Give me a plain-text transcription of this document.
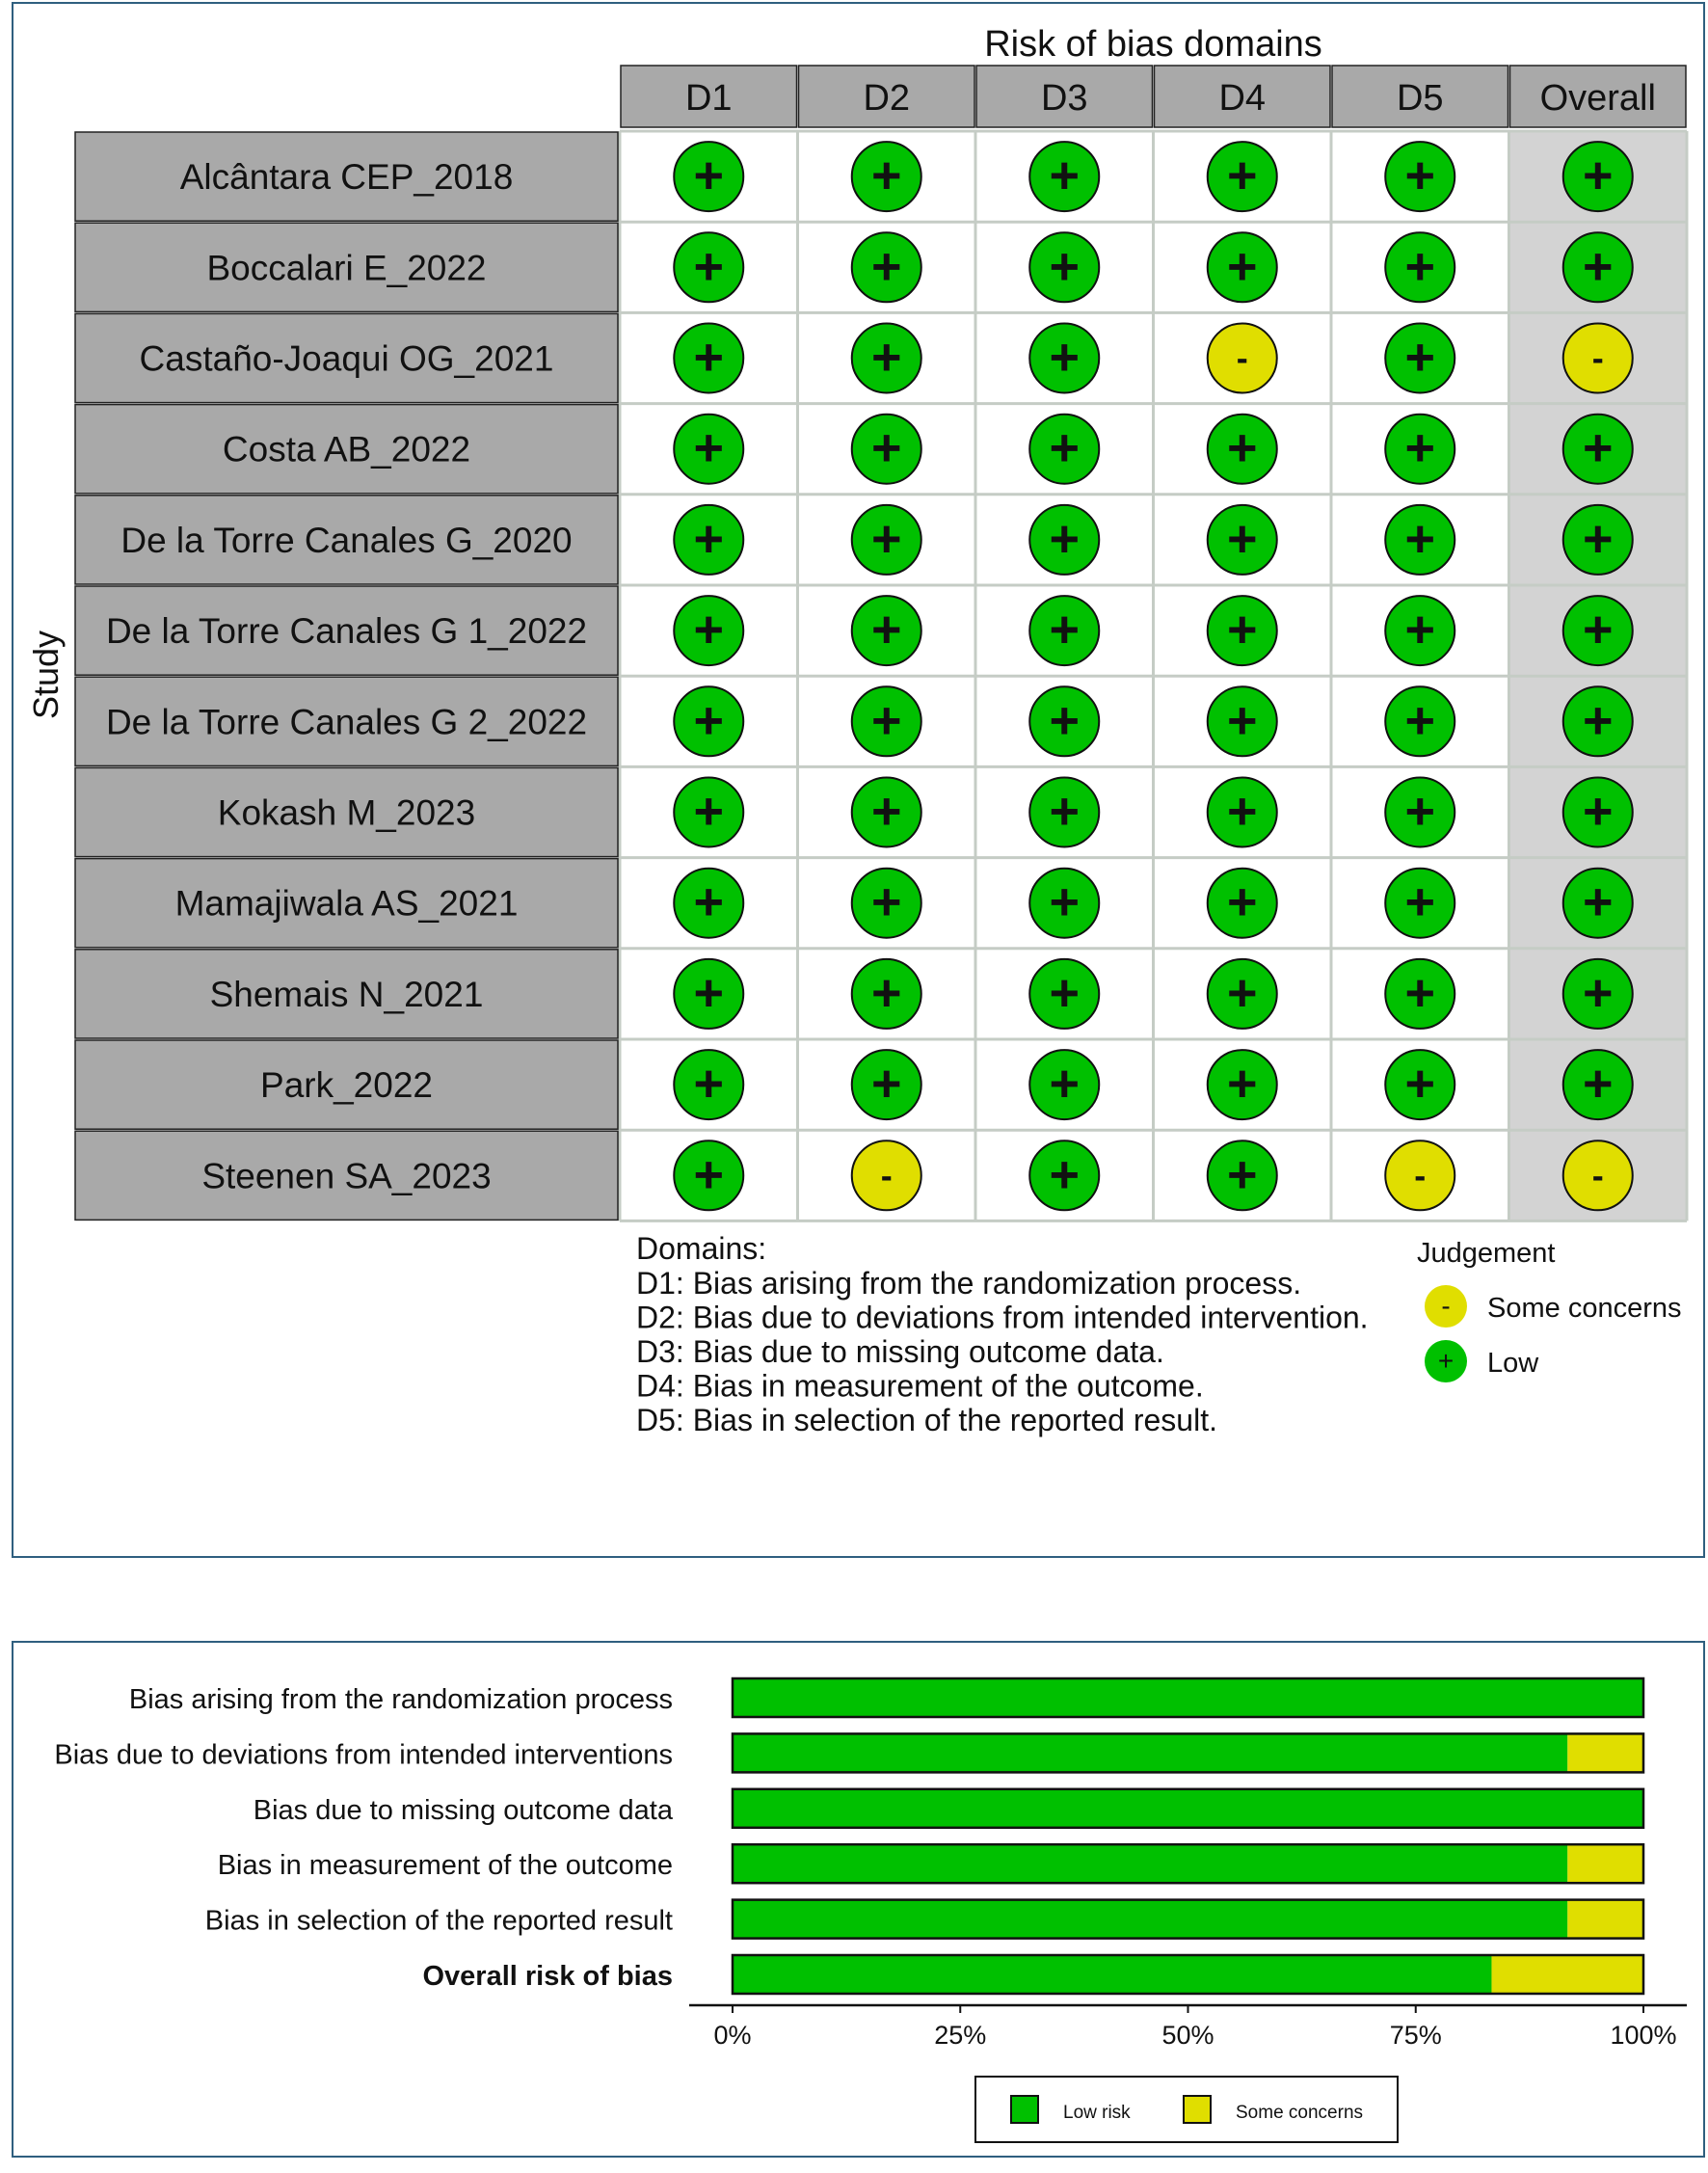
Risk of bias domains
D1	D2	D3	D4	D5	Overall
Study
Alcântara CEP_2018	+	+	+	+	+	+
Boccalari E_2022	+	+	+	+	+	+
Castaño-Joaqui OG_2021	+	+	+	-	+	-
Costa AB_2022	+	+	+	+	+	+
De la Torre Canales G_2020 +	+	+	+	+	+
De la Torre Canales G 1_2022 +	+	+	+	+	+
De la Torre Canales G 2_2022 +	+	+	+	+	+
Kokash M_2023	+	+	+	+	+	+
Mamajiwala AS_2021	+	+	+	+	+	+
Shemais N_2021	+	+	+	+	+	+
Park_2022	+	+	+	+	+	+
Steenen SA_2023	+	-	+	+	-	-
Domains:
D1: Bias arising from the randomization process.
D2: Bias due to deviations from intended intervention.
D3: Bias due to missing outcome data.
D4: Bias in measurement of the outcome.
D5: Bias in selection of the reported result.
Judgement
- Some concerns
+ Low
Bias arising from the randomization process
Bias due to deviations from intended interventions
Bias due to missing outcome data
Bias in measurement of the outcome
Bias in selection of the reported result
Overall risk of bias
0%	25%	50%	75%	100%
Low risk	Some concerns
